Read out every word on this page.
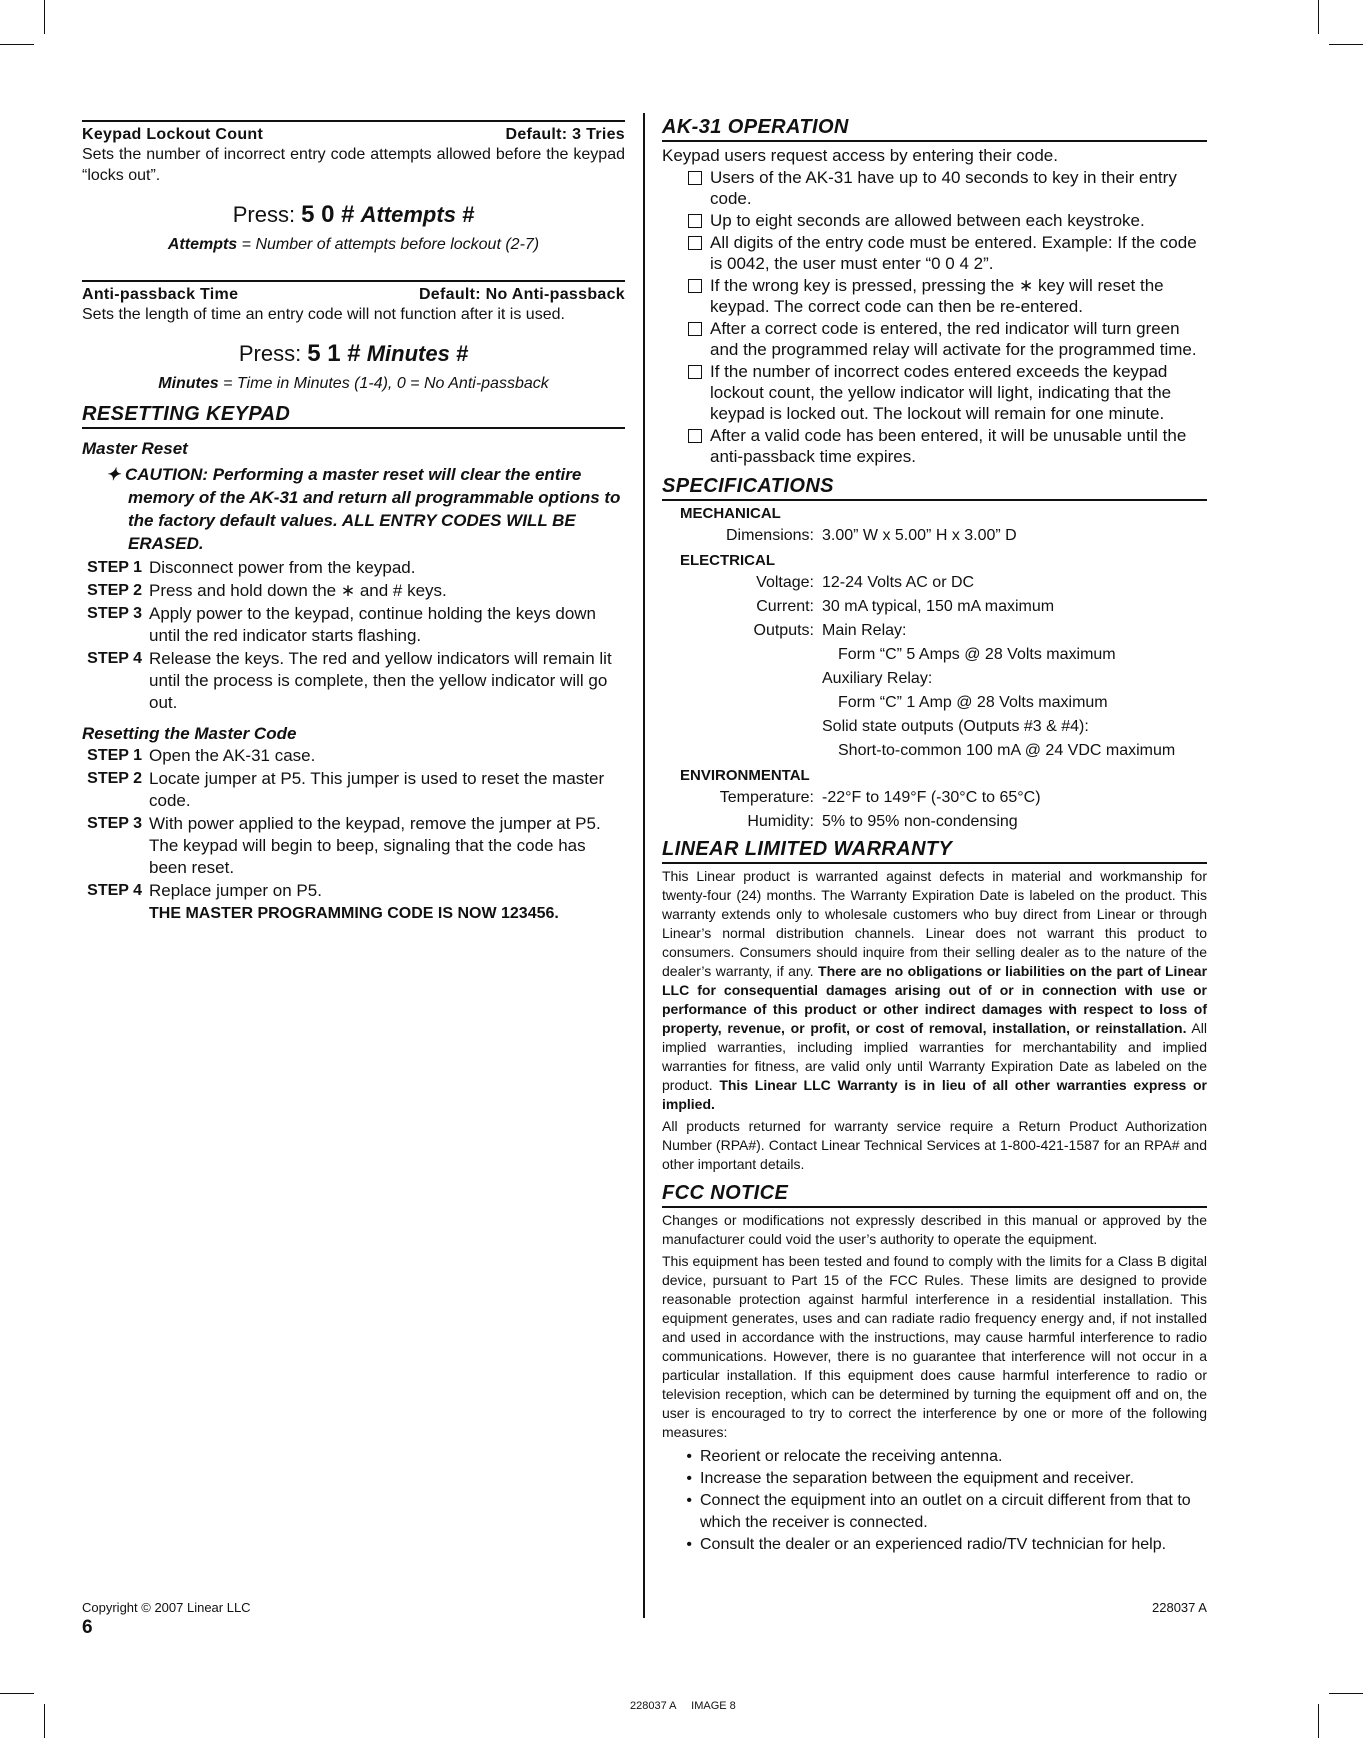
Keypad Lockout Count	Default: 3 Tries
Sets the number of incorrect entry code attempts allowed before the keypad “locks out”.
Press: 5 0 # Attempts #
Attempts = Number of attempts before lockout (2-7)
Anti-passback Time	Default: No Anti-passback
Sets the length of time an entry code will not function after it is used.
Press: 5 1 # Minutes #
Minutes = Time in Minutes (1-4), 0 = No Anti-passback
RESETTING KEYPAD
Master Reset
✦ CAUTION: Performing a master reset will clear the entire memory of the AK-31 and return all programmable options to the factory default values. ALL ENTRY CODES WILL BE ERASED.
STEP 1 Disconnect power from the keypad.
STEP 2 Press and hold down the ∗ and # keys.
STEP 3 Apply power to the keypad, continue holding the keys down until the red indicator starts flashing.
STEP 4 Release the keys. The red and yellow indicators will remain lit until the process is complete, then the yellow indicator will go out.
Resetting the Master Code
STEP 1 Open the AK-31 case.
STEP 2 Locate jumper at P5. This jumper is used to reset the master code.
STEP 3 With power applied to the keypad, remove the jumper at P5. The keypad will begin to beep, signaling that the code has been reset.
STEP 4 Replace jumper on P5.
THE MASTER PROGRAMMING CODE IS NOW 123456.
AK-31 OPERATION
Keypad users request access by entering their code.
Users of the AK-31 have up to 40 seconds to key in their entry code.
Up to eight seconds are allowed between each keystroke.
All digits of the entry code must be entered. Example: If the code is 0042, the user must enter “0 0 4 2”.
If the wrong key is pressed, pressing the ∗ key will reset the keypad. The correct code can then be re-entered.
After a correct code is entered, the red indicator will turn green and the programmed relay will activate for the programmed time.
If the number of incorrect codes entered exceeds the keypad lockout count, the yellow indicator will light, indicating that the keypad is locked out. The lockout will remain for one minute.
After a valid code has been entered, it will be unusable until the anti-passback time expires.
SPECIFICATIONS
MECHANICAL
Dimensions: 3.00” W x 5.00” H x 3.00” D
ELECTRICAL
Voltage: 12-24 Volts AC or DC
Current: 30 mA typical, 150 mA maximum
Outputs: Main Relay:
Form “C” 5 Amps @ 28 Volts maximum
Auxiliary Relay:
Form “C” 1 Amp @ 28 Volts maximum
Solid state outputs (Outputs #3 & #4):
Short-to-common 100 mA @ 24 VDC maximum
ENVIRONMENTAL
Temperature: -22°F to 149°F (-30°C to 65°C)
Humidity: 5% to 95% non-condensing
LINEAR LIMITED WARRANTY
This Linear product is warranted against defects in material and workmanship for twenty-four (24) months. The Warranty Expiration Date is labeled on the product. This warranty extends only to wholesale customers who buy direct from Linear or through Linear’s normal distribution channels. Linear does not warrant this product to consumers. Consumers should inquire from their selling dealer as to the nature of the dealer’s warranty, if any. There are no obligations or liabilities on the part of Linear LLC for consequential damages arising out of or in connection with use or performance of this product or other indirect damages with respect to loss of property, revenue, or profit, or cost of removal, installation, or reinstallation. All implied warranties, including implied warranties for merchantability and implied warranties for fitness, are valid only until Warranty Expiration Date as labeled on the product. This Linear LLC Warranty is in lieu of all other warranties express or implied.
All products returned for warranty service require a Return Product Authorization Number (RPA#). Contact Linear Technical Services at 1-800-421-1587 for an RPA# and other important details.
FCC NOTICE
Changes or modifications not expressly described in this manual or approved by the manufacturer could void the user’s authority to operate the equipment.
This equipment has been tested and found to comply with the limits for a Class B digital device, pursuant to Part 15 of the FCC Rules. These limits are designed to provide reasonable protection against harmful interference in a residential installation. This equipment generates, uses and can radiate radio frequency energy and, if not installed and used in accordance with the instructions, may cause harmful interference to radio communications. However, there is no guarantee that interference will not occur in a particular installation. If this equipment does cause harmful interference to radio or television reception, which can be determined by turning the equipment off and on, the user is encouraged to try to correct the interference by one or more of the following measures:
• Reorient or relocate the receiving antenna.
• Increase the separation between the equipment and receiver.
• Connect the equipment into an outlet on a circuit different from that to which the receiver is connected.
• Consult the dealer or an experienced radio/TV technician for help.
Copyright © 2007 Linear LLC
6
228037 A
228037 A     IMAGE 8
